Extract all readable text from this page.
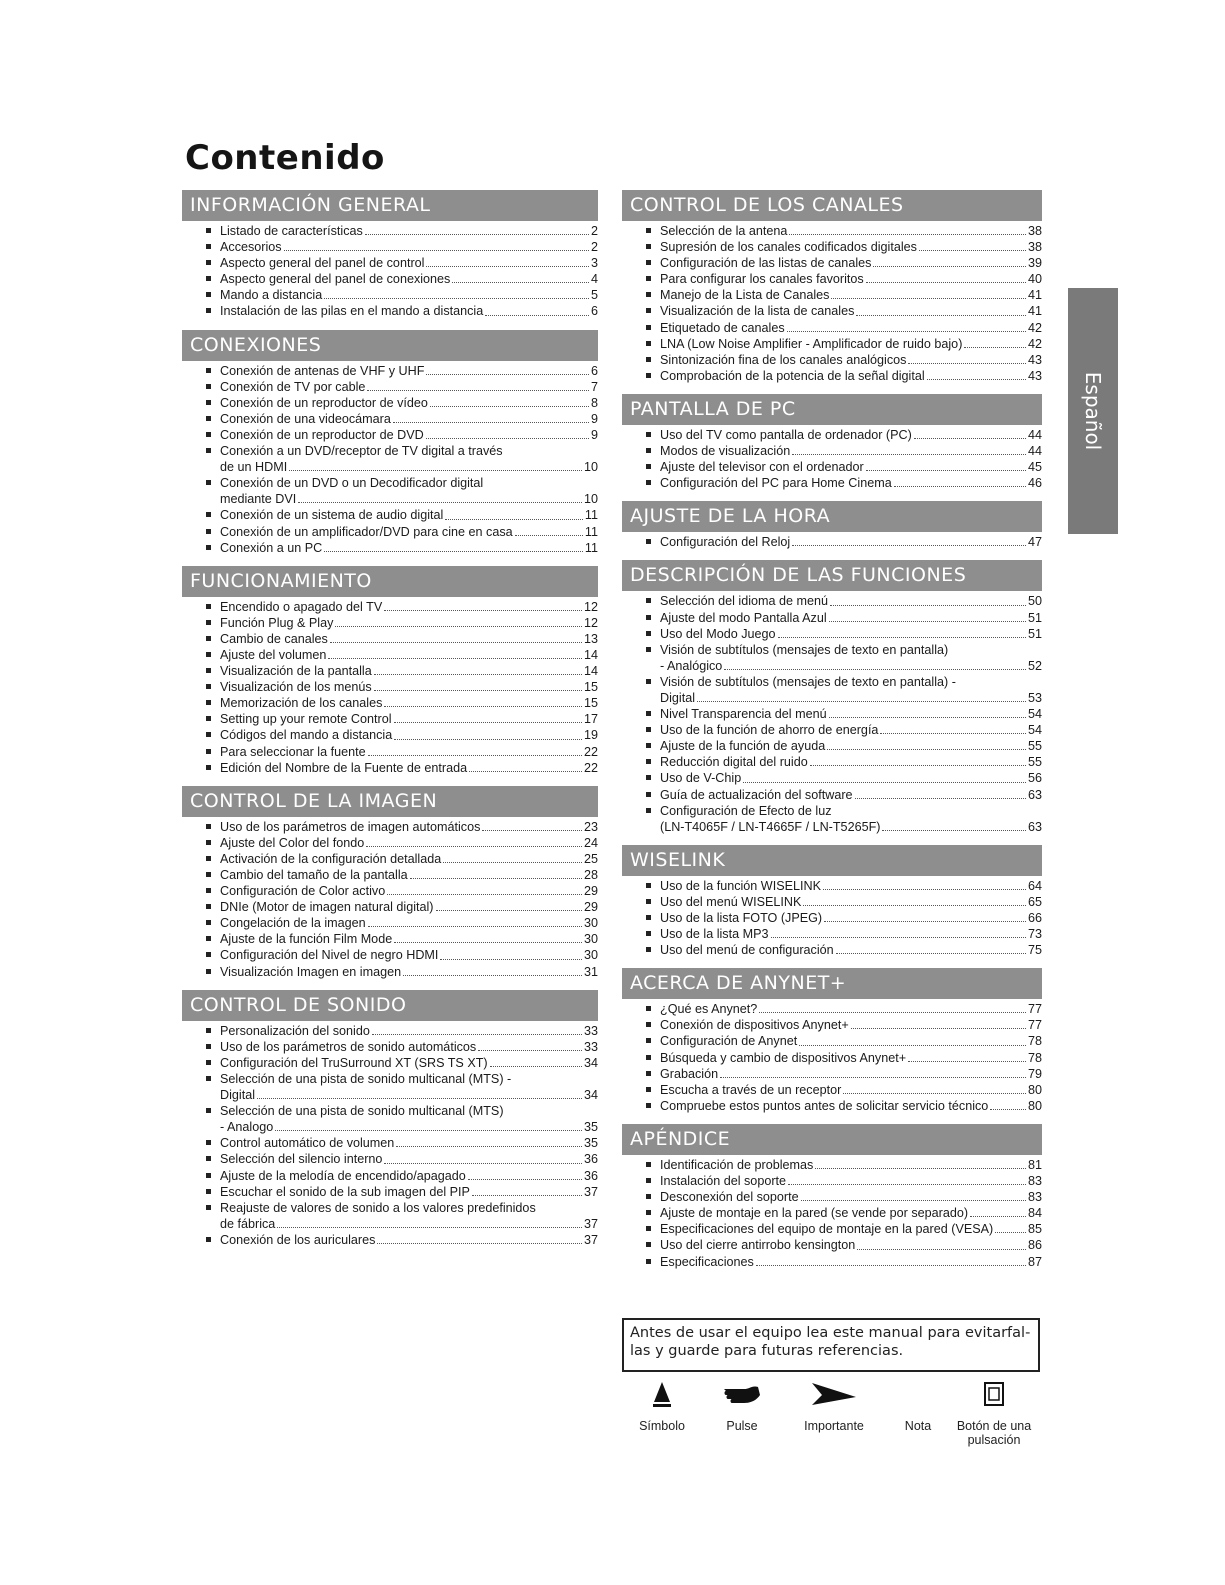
Contenido
INFORMACIÓN GENERAL
Listado de características	2
Accesorios	2
Aspecto general del panel de control	3
Aspecto general del panel de conexiones	4
Mando a distancia	5
Instalación de las pilas en el mando a distancia	6
CONEXIONES
Conexión de antenas de VHF y UHF	6
Conexión de TV por cable	7
Conexión de un reproductor de vídeo	8
Conexión de una videocámara	9
Conexión de un reproductor de DVD	9
Conexión a un DVD/receptor de TV digital a través
de un HDMI	10
Conexión de un DVD o un Decodificador digital
mediante DVI	10
Conexión de un sistema de audio digital	11
Conexión de un amplificador/DVD para cine en casa	11
Conexión a un PC	11
FUNCIONAMIENTO
Encendido o apagado del TV	12
Función Plug & Play	12
Cambio de canales	13
Ajuste del volumen	14
Visualización de la pantalla	14
Visualización de los menús	15
Memorización de los canales	15
Setting up your remote Control	17
Códigos del mando a distancia	19
Para seleccionar la fuente	22
Edición del Nombre de la Fuente de entrada	22
CONTROL DE LA IMAGEN
Uso de los parámetros de imagen automáticos	23
Ajuste del Color del fondo	24
Activación de la configuración detallada	25
Cambio del tamaño de la pantalla	28
Configuración de Color activo	29
DNIe (Motor de imagen natural digital)	29
Congelación de la imagen	30
Ajuste de la función Film Mode	30
Configuración del Nivel de negro HDMI	30
Visualización Imagen en imagen	31
CONTROL DE SONIDO
Personalización del sonido	33
Uso de los parámetros de sonido automáticos	33
Configuración del TruSurround XT (SRS TS XT)	34
Selección de una pista de sonido multicanal (MTS) -
Digital	34
Selección de una pista de sonido multicanal (MTS)
- Analogo	35
Control automático de volumen	35
Selección del silencio interno	36
Ajuste de la melodía de encendido/apagado	36
Escuchar el sonido de la sub imagen del PIP	37
Reajuste de valores de sonido a los valores predefinidos
de fábrica	37
Conexión de los auriculares	37
CONTROL DE LOS CANALES
Selección de la antena	38
Supresión de los canales codificados digitales	38
Configuración de las listas de canales	39
Para configurar los canales favoritos	40
Manejo de la Lista de Canales	41
Visualización de la lista de canales	41
Etiquetado de canales	42
LNA (Low Noise Amplifier - Amplificador de ruido bajo)	42
Sintonización fina de los canales analógicos	43
Comprobación de la potencia de la señal digital	43
PANTALLA DE PC
Uso del TV como pantalla de ordenador (PC)	44
Modos de visualización	44
Ajuste del televisor con el ordenador	45
Configuración del PC para Home Cinema	46
AJUSTE DE LA HORA
Configuración del Reloj	47
DESCRIPCIÓN DE LAS FUNCIONES
Selección del idioma de menú	50
Ajuste del modo Pantalla Azul	51
Uso del Modo Juego	51
Visión de subtítulos (mensajes de texto en pantalla)
- Analógico	52
Visión de subtítulos (mensajes de texto en pantalla) -
Digital	53
Nivel Transparencia del menú	54
Uso de la función de ahorro de energía	54
Ajuste de la función de ayuda	55
Reducción digital del ruido	55
Uso de V-Chip	56
Guía de actualización del software	63
Configuración de Efecto de luz
(LN-T4065F / LN-T4665F / LN-T5265F)	63
WISELINK
Uso de la función WISELINK	64
Uso del menú WISELINK	65
Uso de la lista FOTO (JPEG)	66
Uso de la lista MP3	73
Uso del menú de configuración	75
ACERCA DE ANYNET+
¿Qué es Anynet?	77
Conexión de dispositivos Anynet+	77
Configuración de Anynet	78
Búsqueda y cambio de dispositivos Anynet+	78
Grabación	79
Escucha a través de un receptor	80
Compruebe estos puntos antes de solicitar servicio técnico	80
APÉNDICE
Identificación de problemas	81
Instalación del soporte	83
Desconexión del soporte	83
Ajuste de montaje en la pared (se vende por separado)	84
Especificaciones del equipo de montaje en la pared (VESA)	85
Uso del cierre antirrobo kensington	86
Especificaciones	87
Español
Antes de usar el equipo lea este manual para evitarfal-
las y guarde para futuras referencias.
Símbolo	Pulse	Importante	Nota	Botón de una pulsación
